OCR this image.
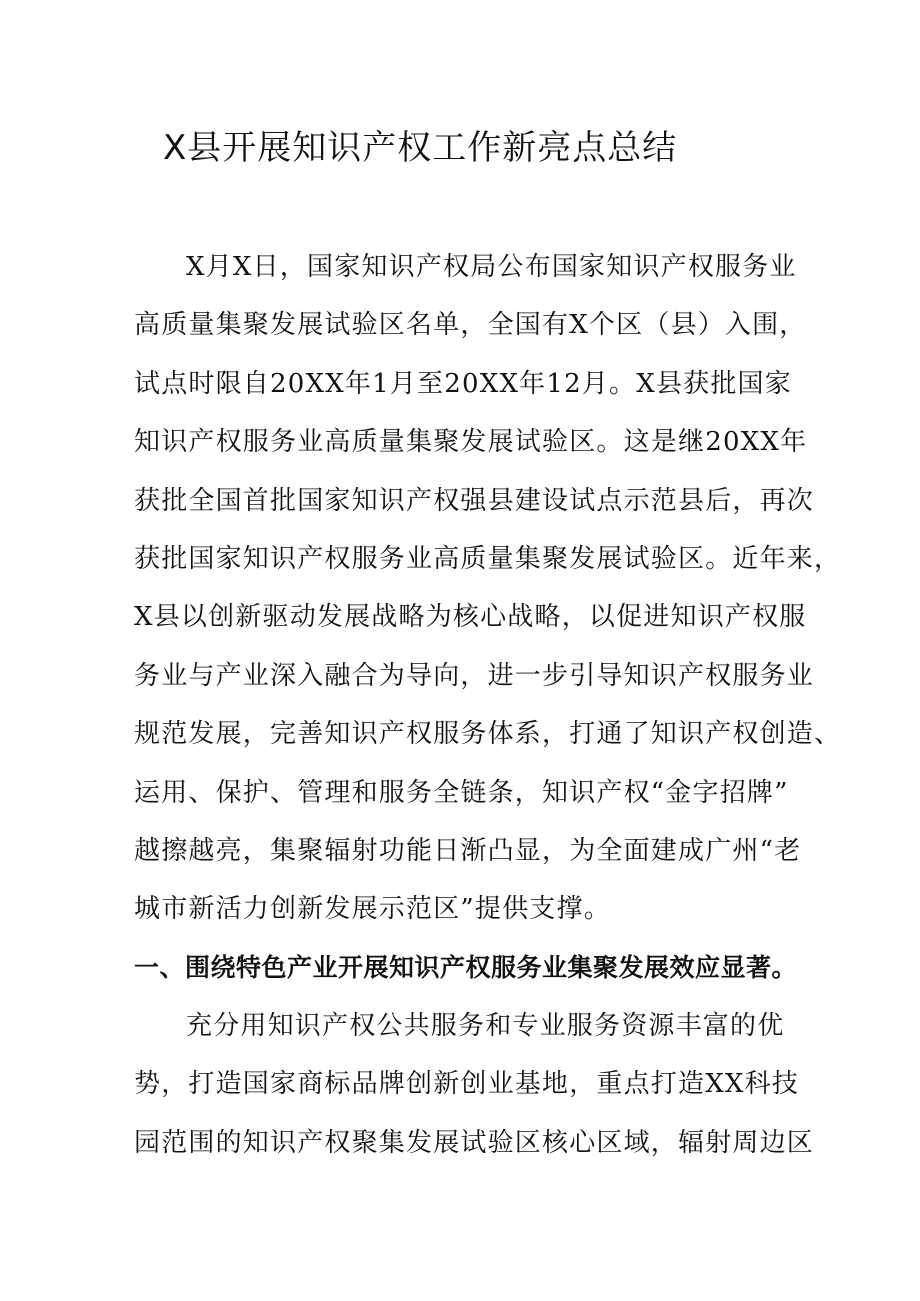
X县开展知识产权工作新亮点总结
X月X日，国家知识产权局公布国家知识产权服务业
高质量集聚发展试验区名单，全国有X个区（县）入围，
试点时限自20XX年1月至20XX年12月。X县获批国家
知识产权服务业高质量集聚发展试验区。这是继20XX年
获批全国首批国家知识产权强县建设试点示范县后，再次
获批国家知识产权服务业高质量集聚发展试验区。近年来，
X县以创新驱动发展战略为核心战略，以促进知识产权服
务业与产业深入融合为导向，进一步引导知识产权服务业
规范发展，完善知识产权服务体系，打通了知识产权创造、
运用、保护、管理和服务全链条，知识产权“金字招牌”
越擦越亮，集聚辐射功能日渐凸显，为全面建成广州“老
城市新活力创新发展示范区”提供支撑。
一、围绕特色产业开展知识产权服务业集聚发展效应显著。
充分用知识产权公共服务和专业服务资源丰富的优
势，打造国家商标品牌创新创业基地，重点打造XX科技
园范围的知识产权聚集发展试验区核心区域，辐射周边区
